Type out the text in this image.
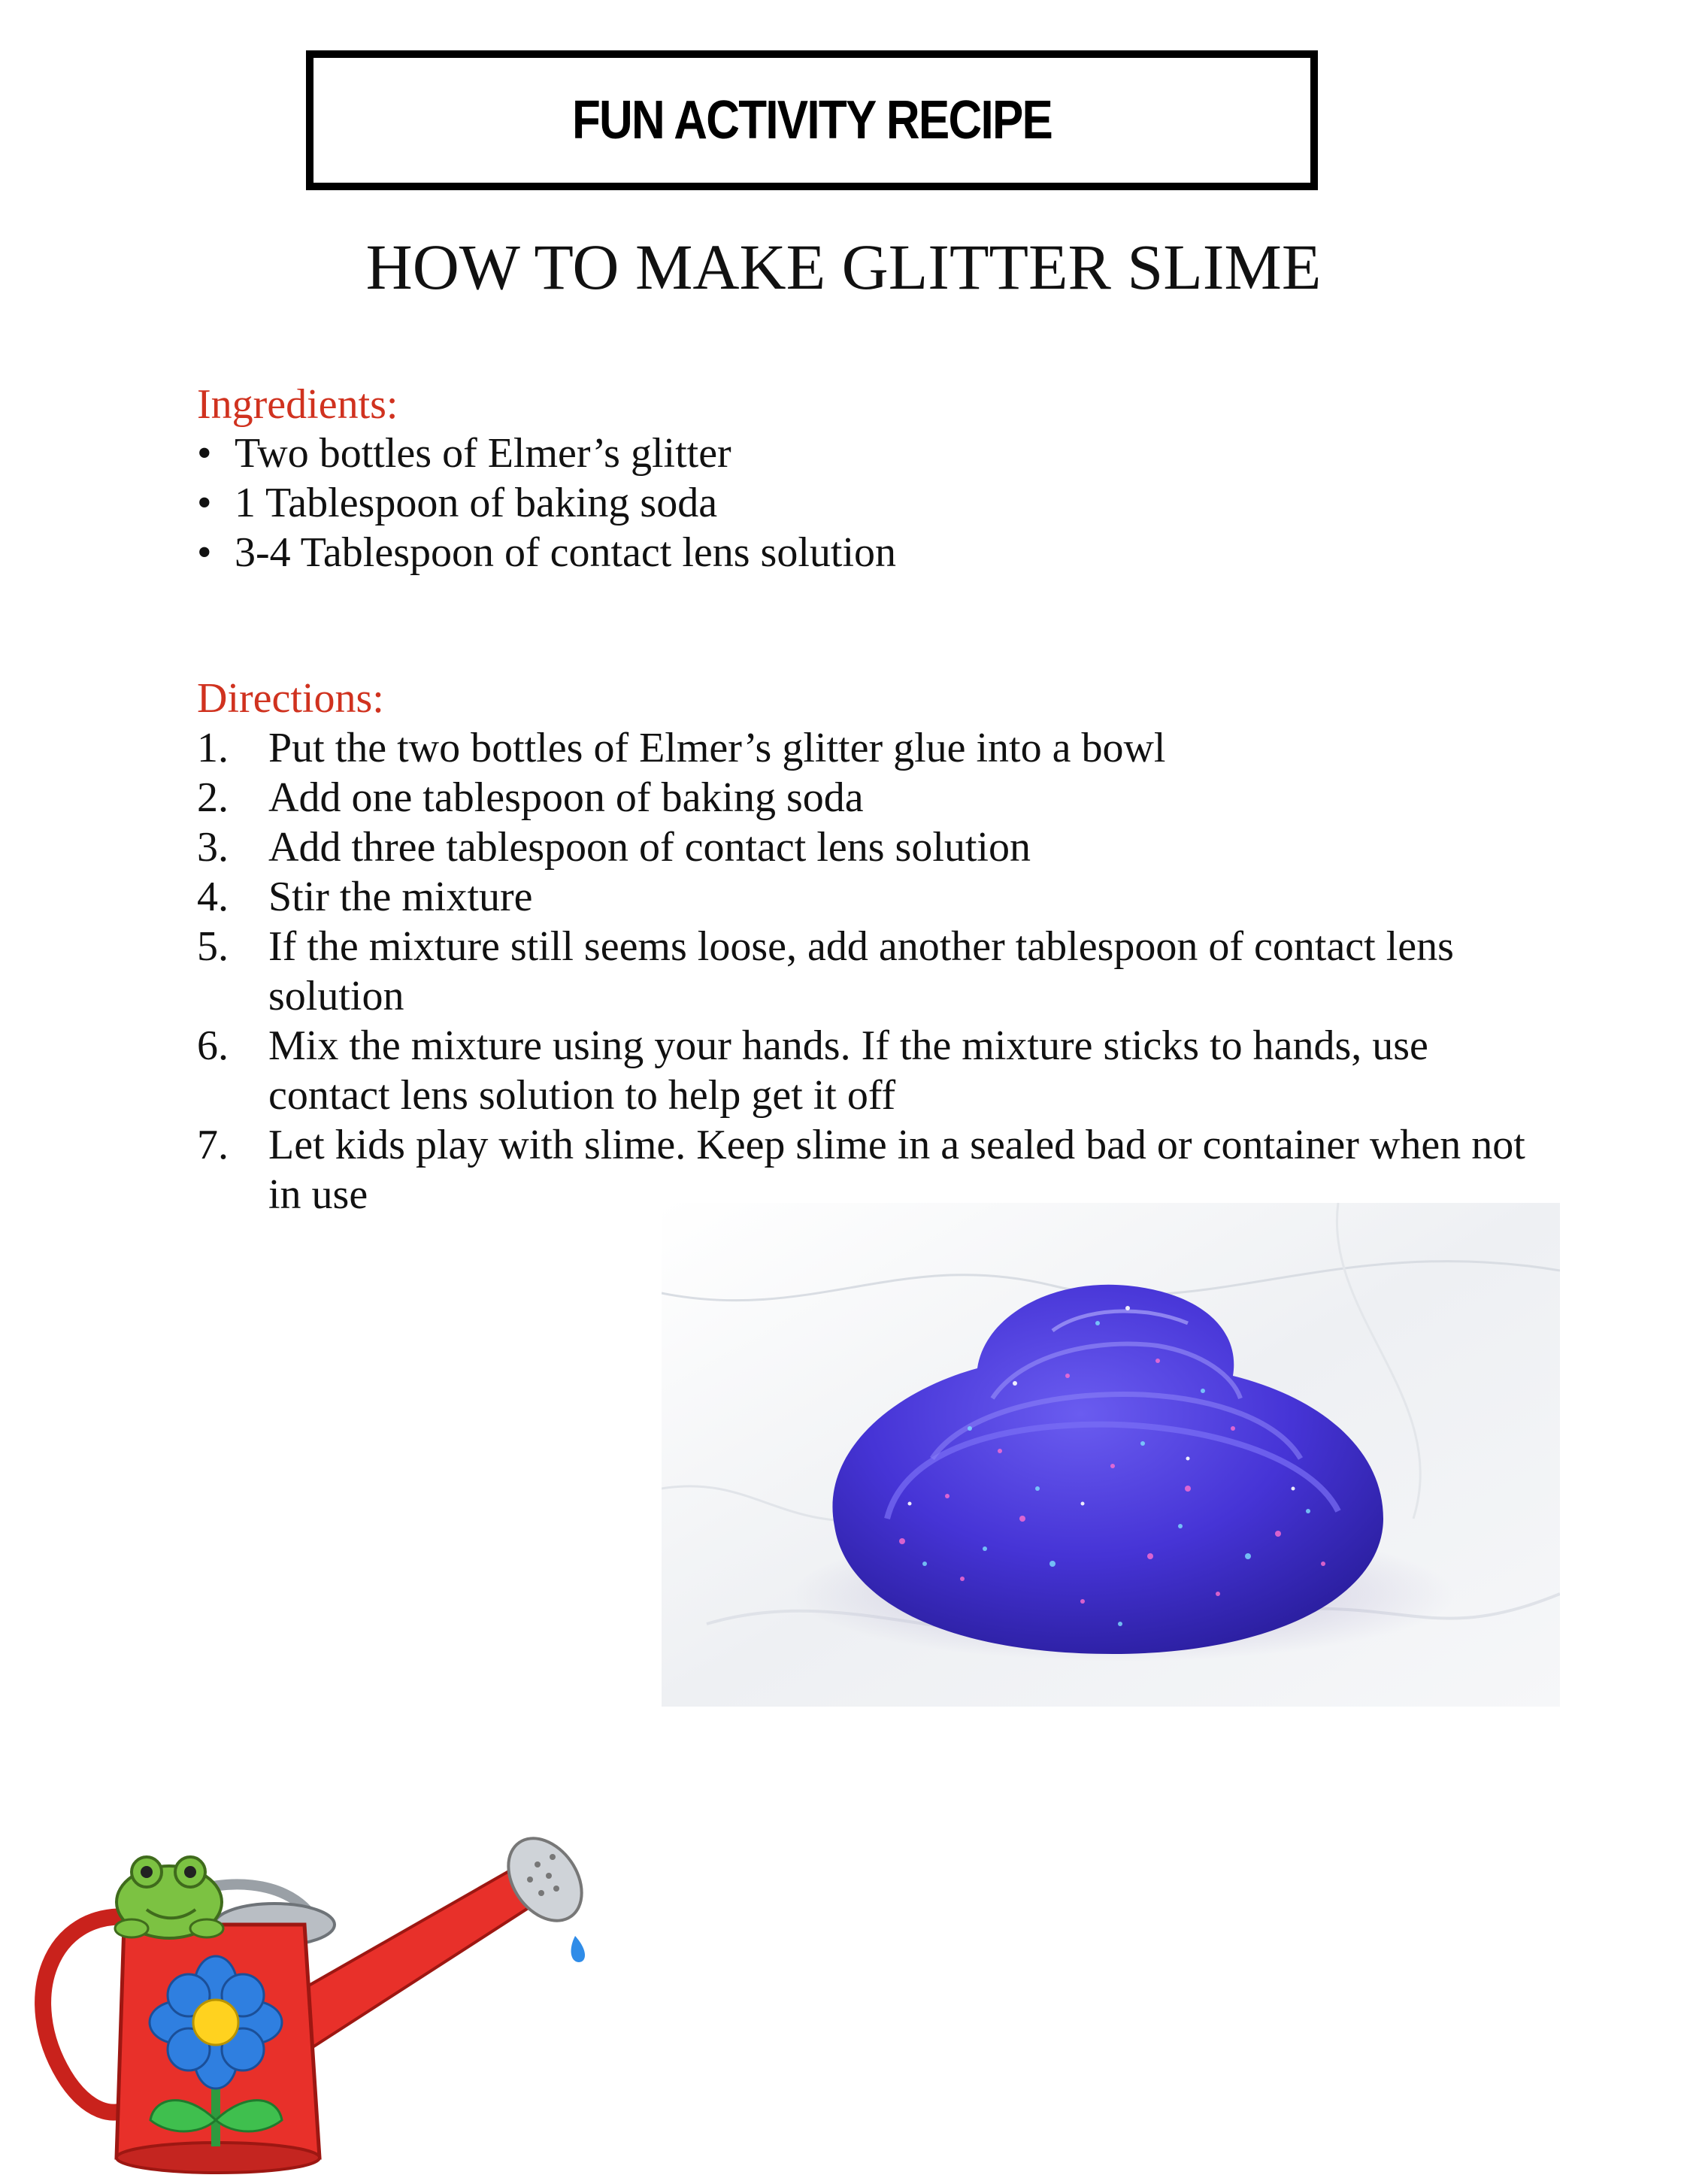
FUN ACTIVITY RECIPE
HOW TO MAKE GLITTER SLIME
Ingredients:
• Two bottles of Elmer’s glitter
• 1 Tablespoon of baking soda
• 3-4 Tablespoon of contact lens solution
Directions:
1. Put the two bottles of Elmer’s glitter glue into a bowl
2. Add one tablespoon of baking soda
3. Add three tablespoon of contact lens solution
4. Stir the mixture
5. If the mixture still seems loose, add another tablespoon of contact lens solution
6. Mix the mixture using your hands. If the mixture sticks to hands, use contact lens solution to help get it off
7. Let kids play with slime. Keep slime in a sealed bad or container when not in use
